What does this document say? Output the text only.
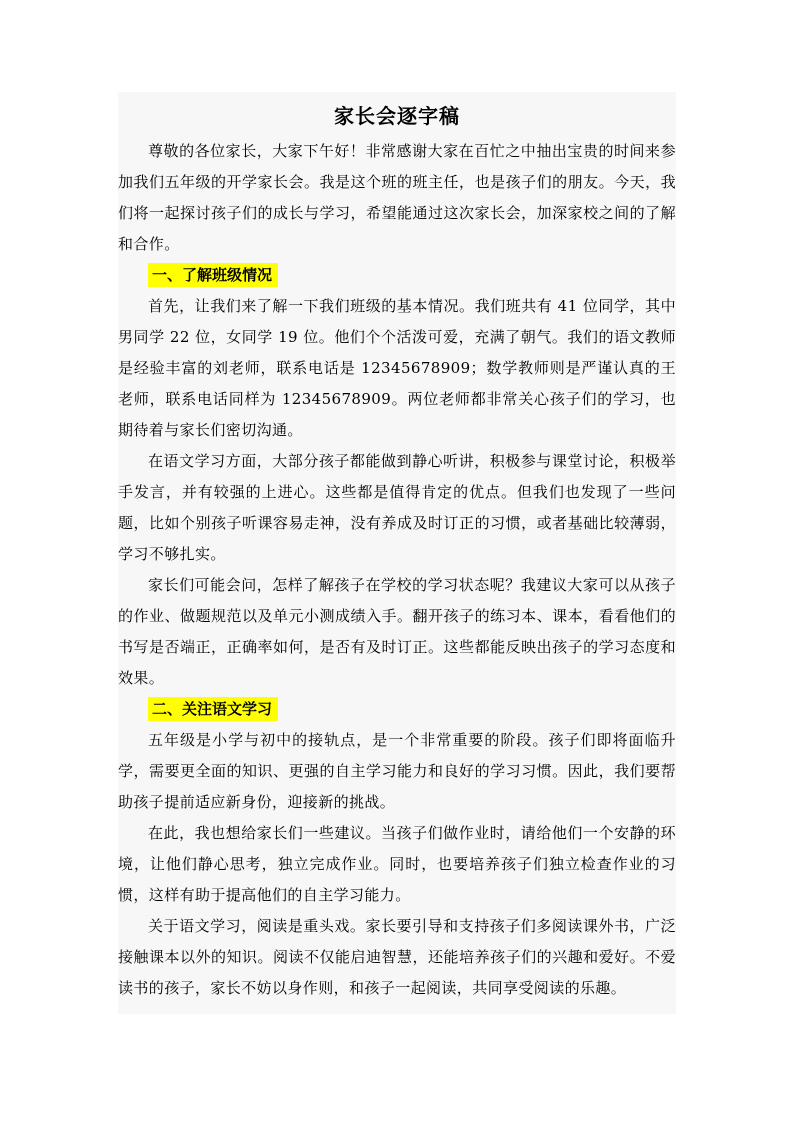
家长会逐字稿

尊敬的各位家长，大家下午好！非常感谢大家在百忙之中抽出宝贵的时间来参加我们五年级的开学家长会。我是这个班的班主任，也是孩子们的朋友。今天，我们将一起探讨孩子们的成长与学习，希望能通过这次家长会，加深家校之间的了解和合作。

一、了解班级情况

首先，让我们来了解一下我们班级的基本情况。我们班共有 41 位同学，其中男同学 22 位，女同学 19 位。他们个个活泼可爱，充满了朝气。我们的语文教师是经验丰富的刘老师，联系电话是 12345678909；数学教师则是严谨认真的王老师，联系电话同样为 12345678909。两位老师都非常关心孩子们的学习，也期待着与家长们密切沟通。

在语文学习方面，大部分孩子都能做到静心听讲，积极参与课堂讨论，积极举手发言，并有较强的上进心。这些都是值得肯定的优点。但我们也发现了一些问题，比如个别孩子听课容易走神，没有养成及时订正的习惯，或者基础比较薄弱，学习不够扎实。

家长们可能会问，怎样了解孩子在学校的学习状态呢？我建议大家可以从孩子的作业、做题规范以及单元小测成绩入手。翻开孩子的练习本、课本，看看他们的书写是否端正，正确率如何，是否有及时订正。这些都能反映出孩子的学习态度和效果。

二、关注语文学习

五年级是小学与初中的接轨点，是一个非常重要的阶段。孩子们即将面临升学，需要更全面的知识、更强的自主学习能力和良好的学习习惯。因此，我们要帮助孩子提前适应新身份，迎接新的挑战。

在此，我也想给家长们一些建议。当孩子们做作业时，请给他们一个安静的环境，让他们静心思考，独立完成作业。同时，也要培养孩子们独立检查作业的习惯，这样有助于提高他们的自主学习能力。

关于语文学习，阅读是重头戏。家长要引导和支持孩子们多阅读课外书，广泛接触课本以外的知识。阅读不仅能启迪智慧，还能培养孩子们的兴趣和爱好。不爱读书的孩子，家长不妨以身作则，和孩子一起阅读，共同享受阅读的乐趣。
